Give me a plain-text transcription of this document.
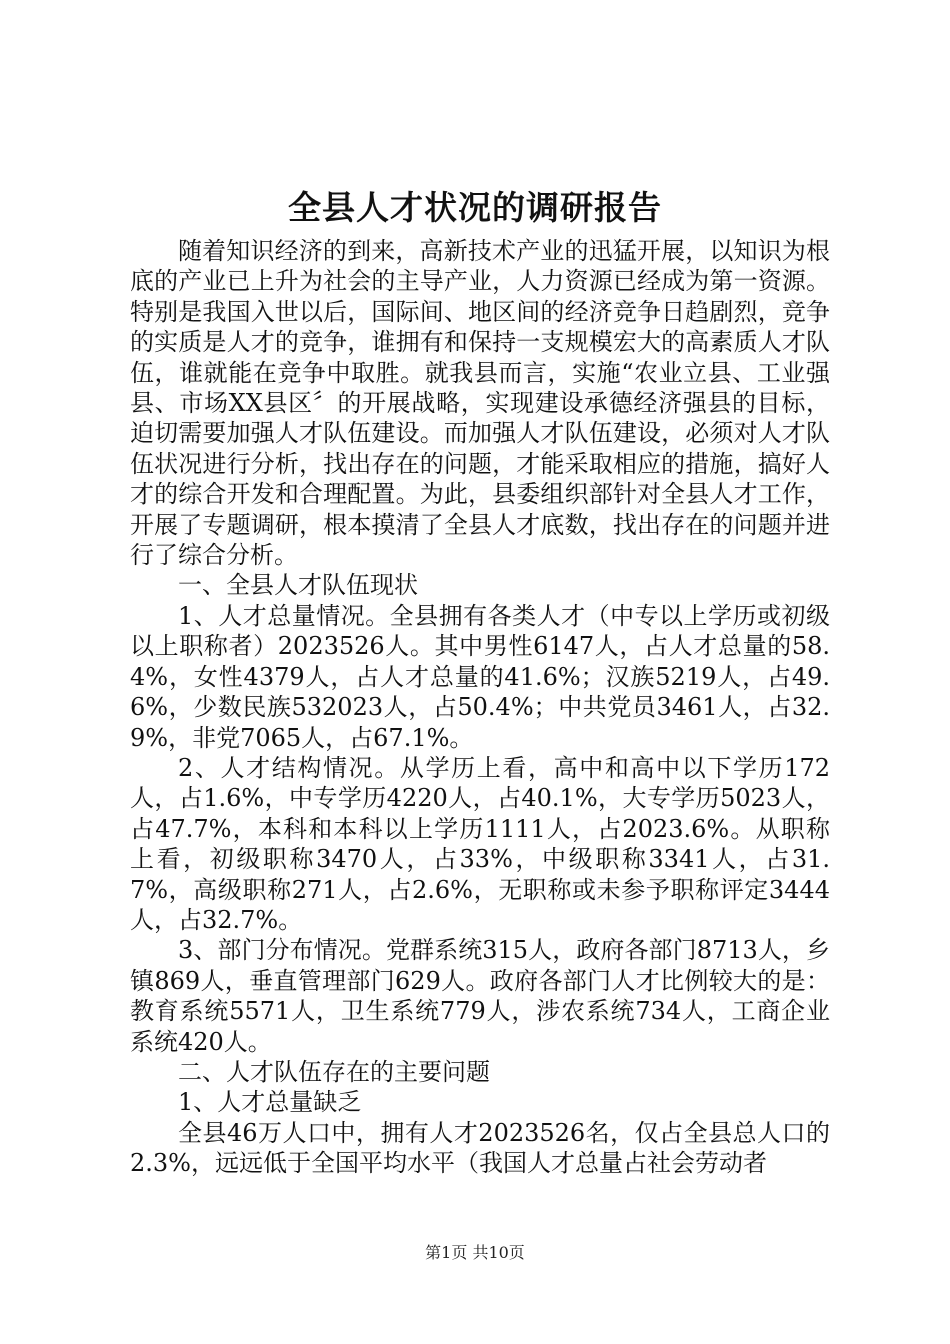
全县人才状况的调研报告

随着知识经济的到来，高新技术产业的迅猛开展，以知识为根底的产业已上升为社会的主导产业，人力资源已经成为第一资源。特别是我国入世以后，国际间、地区间的经济竞争日趋剧烈，竞争的实质是人才的竞争，谁拥有和保持一支规模宏大的高素质人才队伍，谁就能在竞争中取胜。就我县而言，实施“农业立县、工业强县、市场XX县区〞的开展战略，实现建设承德经济强县的目标，迫切需要加强人才队伍建设。而加强人才队伍建设，必须对人才队伍状况进行分析，找出存在的问题，才能采取相应的措施，搞好人才的综合开发和合理配置。为此，县委组织部针对全县人才工作，开展了专题调研，根本摸清了全县人才底数，找出存在的问题并进行了综合分析。

一、全县人才队伍现状

1、人才总量情况。全县拥有各类人才（中专以上学历或初级以上职称者）2023526人。其中男性6147人，占人才总量的58.4%，女性4379人，占人才总量的41.6%；汉族5219人，占49.6%，少数民族532023人，占50.4%；中共党员3461人，占32.9%，非党7065人，占67.1%。

2、人才结构情况。从学历上看，高中和高中以下学历172人，占1.6%，中专学历4220人，占40.1%，大专学历5023人，占47.7%，本科和本科以上学历1111人，占2023.6%。从职称上看，初级职称3470人，占33%，中级职称3341人，占31.7%，高级职称271人，占2.6%，无职称或未参予职称评定3444人，占32.7%。

3、部门分布情况。党群系统315人，政府各部门8713人，乡镇869人，垂直管理部门629人。政府各部门人才比例较大的是：教育系统5571人，卫生系统779人，涉农系统734人，工商企业系统420人。

二、人才队伍存在的主要问题

1、人才总量缺乏

全县46万人口中，拥有人才2023526名，仅占全县总人口的2.3%，远远低于全国平均水平（我国人才总量占社会劳动者

第1页 共10页
